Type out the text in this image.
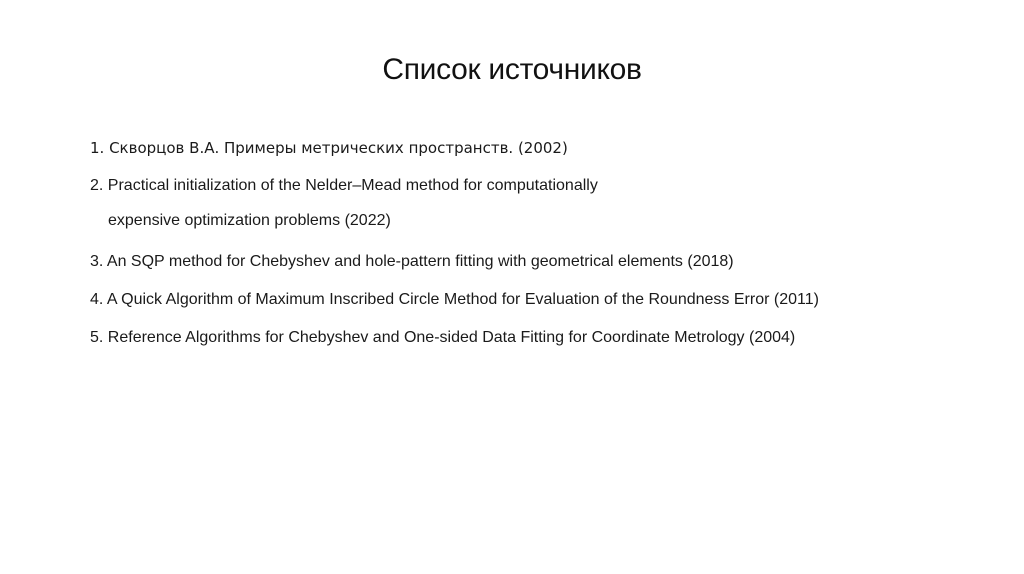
Список источников

1. Скворцов В.А. Примеры метрических пространств. (2002)

2. Practical initialization of the Nelder–Mead method for computationally

expensive optimization problems (2022)

3. An SQP method for Chebyshev and hole-pattern fitting with geometrical elements (2018)

4. A Quick Algorithm of Maximum Inscribed Circle Method for Evaluation of the Roundness Error (2011)

5. Reference Algorithms for Chebyshev and One-sided Data Fitting for Coordinate Metrology (2004)
